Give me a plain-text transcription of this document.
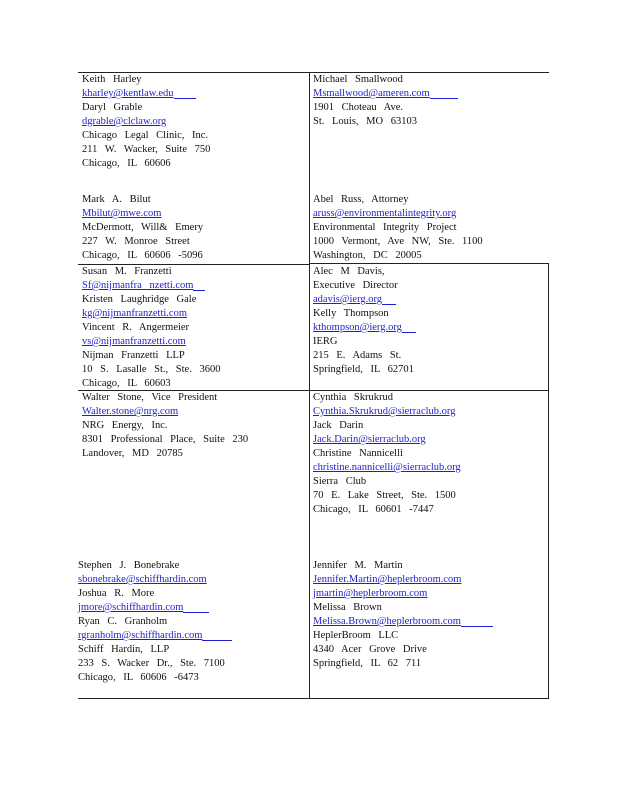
Keith Harley
kharley@kentlaw.edu
Daryl Grable
dgrable@clclaw.org
Chicago Legal Clinic, Inc.
211 W. Wacker, Suite 750
Chicago, IL 60606
Michael Smallwood
Msmallwood@ameren.com
1901 Choteau Ave.
St. Louis, MO 63103
Mark A. Bilut
Mbilut@mwe.com
McDermott, Will& Emery
227 W. Monroe Street
Chicago, IL 60606 -5096
Abel Russ, Attorney
aruss@environmentalintegrity.org
Environmental Integrity Project
1000 Vermont, Ave NW, Ste. 1100
Washington, DC 20005
Susan M. Franzetti
Sf@nijmanfra nzetti.com
Kristen Laughridge Gale
kg@nijmanfranzetti.com
Vincent R. Angermeier
vs@nijmanfranzetti.com
Nijman Franzetti LLP
10 S. Lasalle St., Ste. 3600
Chicago, IL 60603
Alec M Davis,
Executive Director
adavis@ierg.org
Kelly Thompson
kthompson@ierg.org
IERG
215 E. Adams St.
Springfield, IL 62701
Walter Stone, Vice President
Walter.stone@nrg.com
NRG Energy, Inc.
8301 Professional Place, Suite 230
Landover, MD 20785
Cynthia Skrukrud
Cynthia.Skrukrud@sierraclub.org
Jack Darin
Jack.Darin@sierraclub.org
Christine Nannicelli
christine.nannicelli@sierraclub.org
Sierra Club
70 E. Lake Street, Ste. 1500
Chicago, IL 60601 -7447
Stephen J. Bonebrake
sbonebrake@schiffhardin.com
Joshua R. More
jmore@schiffhardin.com
Ryan C. Granholm
rgranholm@schiffhardin.com
Schiff Hardin, LLP
233 S. Wacker Dr., Ste. 7100
Chicago, IL 60606 -6473
Jennifer M. Martin
Jennifer.Martin@heplerbroom.com
jmartin@heplerbroom.com
Melissa Brown
Melissa.Brown@heplerbroom.com
HeplerBroom LLC
4340 Acer Grove Drive
Springfield, IL 62 711
